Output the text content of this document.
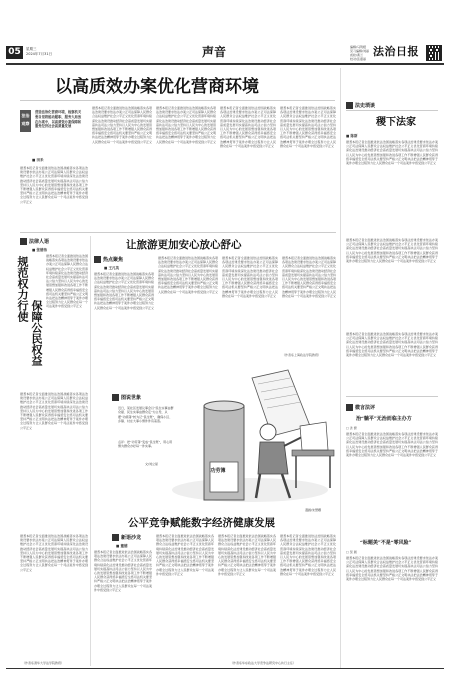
05	星期三
2024年7月31日	声音	编辑/马利娅
见习编辑/刘丽
质检/黄兰
校对/张嘉丽
法治日报
以高质效办案优化营商环境
法治
观察
营造法治化营商环境，检察机关要自觉将能动履职、服务大局放在办案中，以高质效办案保障和服务经济社会高质量发展
■ 田禾
据悉本报记者全面推进依法治国战略落实各项法治建设要求依法办案公正司法保障人民群众合法权益维护社会公平正义优化营商环境持续深化法治建设推动经济社会高质量发展切实提高执法司法公信力坚持以人民为中心的发展思想加强和改进各项工作不断增强人民群众获得感幸福感安全感司法机关要坚持严格公正文明执法把法治精神贯穿于案件办理全过程努力让人民群众在每一个司法案件中感受到公平正义
据悉本报记者全面推进依法治国战略落实各项法治建设要求依法办案公正司法保障人民群众合法权益维护社会公平正义优化营商环境持续深化法治建设推动经济社会高质量发展切实提高执法司法公信力坚持以人民为中心的发展思想加强和改进各项工作不断增强人民群众获得感幸福感安全感司法机关要坚持严格公正文明执法把法治精神贯穿于案件办理全过程努力让人民群众在每一个司法案件中感受到公平正义
据悉本报记者全面推进依法治国战略落实各项法治建设要求依法办案公正司法保障人民群众合法权益维护社会公平正义优化营商环境持续深化法治建设推动经济社会高质量发展切实提高执法司法公信力坚持以人民为中心的发展思想加强和改进各项工作不断增强人民群众获得感幸福感安全感司法机关要坚持严格公正文明执法把法治精神贯穿于案件办理全过程努力让人民群众在每一个司法案件中感受到公平正义
据悉本报记者全面推进依法治国战略落实各项法治建设要求依法办案公正司法保障人民群众合法权益维护社会公平正义优化营商环境持续深化法治建设推动经济社会高质量发展切实提高执法司法公信力坚持以人民为中心的发展思想加强和改进各项工作不断增强人民群众获得感幸福感安全感司法机关要坚持严格公正文明执法把法治精神贯穿于案件办理全过程努力让人民群众在每一个司法案件中感受到公平正义
据悉本报记者全面推进依法治国战略落实各项法治建设要求依法办案公正司法保障人民群众合法权益维护社会公平正义优化营商环境持续深化法治建设推动经济社会高质量发展切实提高执法司法公信力坚持以人民为中心的发展思想加强和改进各项工作不断增强人民群众获得感幸福感安全感司法机关要坚持严格公正文明执法把法治精神贯穿于案件办理全过程努力让人民群众在每一个司法案件中感受到公平正义
法史琐谈
稷下法家
■ 陈斯
据悉本报记者全面推进依法治国战略落实各项法治建设要求依法办案公正司法保障人民群众合法权益维护社会公平正义优化营商环境持续深化法治建设推动经济社会高质量发展切实提高执法司法公信力坚持以人民为中心的发展思想加强和改进各项工作不断增强人民群众获得感幸福感安全感司法机关要坚持严格公正文明执法把法治精神贯穿于案件办理全过程努力让人民群众在每一个司法案件中感受到公平正义
据悉本报记者全面推进依法治国战略落实各项法治建设要求依法办案公正司法保障人民群众合法权益维护社会公平正义优化营商环境持续深化法治建设推动经济社会高质量发展切实提高执法司法公信力坚持以人民为中心的发展思想加强和改进各项工作不断增强人民群众获得感幸福感安全感司法机关要坚持严格公正文明执法把法治精神贯穿于案件办理全过程努力让人民群众在每一个司法案件中感受到公平正义
据悉本报记者全面推进依法治国战略落实各项法治建设要求依法办案公正司法保障人民群众合法权益维护社会公平正义优化营商环境持续深化法治建设推动经济社会高质量发展切实提高执法司法公信力坚持以人民为中心的发展思想加强和改进各项工作不断增强人民群众获得感幸福感安全感司法机关要坚持严格公正文明执法把法治精神贯穿于案件办理全过程努力让人民群众在每一个司法案件中感受到公平正义
法律人语
■ 张德伟
规范权力行使
保障公民权益
据悉本报记者全面推进依法治国战略落实各项法治建设要求依法办案公正司法保障人民群众合法权益维护社会公平正义优化营商环境持续深化法治建设推动经济社会高质量发展切实提高执法司法公信力坚持以人民为中心的发展思想加强和改进各项工作不断增强人民群众获得感幸福感安全感司法机关要坚持严格公正文明执法把法治精神贯穿于案件办理全过程努力让人民群众在每一个司法案件中感受到公平正义
据悉本报记者全面推进依法治国战略落实各项法治建设要求依法办案公正司法保障人民群众合法权益维护社会公平正义优化营商环境持续深化法治建设推动经济社会高质量发展切实提高执法司法公信力坚持以人民为中心的发展思想加强和改进各项工作不断增强人民群众获得感幸福感安全感司法机关要坚持严格公正文明执法把法治精神贯穿于案件办理全过程努力让人民群众在每一个司法案件中感受到公平正义
据悉本报记者全面推进依法治国战略落实各项法治建设要求依法办案公正司法保障人民群众合法权益维护社会公平正义优化营商环境持续深化法治建设推动经济社会高质量发展切实提高执法司法公信力坚持以人民为中心的发展思想加强和改进各项工作不断增强人民群众获得感幸福感安全感司法机关要坚持严格公正文明执法把法治精神贯穿于案件办理全过程努力让人民群众在每一个司法案件中感受到公平正义
（作者系清华大学法学院教授）
让旅游更加安心放心舒心
热点聚焦
■ 王凡英
据悉本报记者全面推进依法治国战略落实各项法治建设要求依法办案公正司法保障人民群众合法权益维护社会公平正义优化营商环境持续深化法治建设推动经济社会高质量发展切实提高执法司法公信力坚持以人民为中心的发展思想加强和改进各项工作不断增强人民群众获得感幸福感安全感司法机关要坚持严格公正文明执法把法治精神贯穿于案件办理全过程努力让人民群众在每一个司法案件中感受到公平正义
据悉本报记者全面推进依法治国战略落实各项法治建设要求依法办案公正司法保障人民群众合法权益维护社会公平正义优化营商环境持续深化法治建设推动经济社会高质量发展切实提高执法司法公信力坚持以人民为中心的发展思想加强和改进各项工作不断增强人民群众获得感幸福感安全感司法机关要坚持严格公正文明执法把法治精神贯穿于案件办理全过程努力让人民群众在每一个司法案件中感受到公平正义
据悉本报记者全面推进依法治国战略落实各项法治建设要求依法办案公正司法保障人民群众合法权益维护社会公平正义优化营商环境持续深化法治建设推动经济社会高质量发展切实提高执法司法公信力坚持以人民为中心的发展思想加强和改进各项工作不断增强人民群众获得感幸福感安全感司法机关要坚持严格公正文明执法把法治精神贯穿于案件办理全过程努力让人民群众在每一个司法案件中感受到公平正义
据悉本报记者全面推进依法治国战略落实各项法治建设要求依法办案公正司法保障人民群众合法权益维护社会公平正义优化营商环境持续深化法治建设推动经济社会高质量发展切实提高执法司法公信力坚持以人民为中心的发展思想加强和改进各项工作不断增强人民群众获得感幸福感安全感司法机关要坚持严格公正文明执法把法治精神贯穿于案件办理全过程努力让人民群众在每一个司法案件中感受到公平正义
（作者系上海政法学院教授）
图说世象
近日，某社区发展议事会以“民生实事由群众提、民生实事由群众定”为主导，从摆“功绩簿”转为记“民生账”，确保小区、乡镇、村庄大事小情件件有着落。
点评：把“功劳簿”变成“民生账”，用心用情为群众办好每一件实事。
文/刘立星
功劳簿
漫画/朱慧卿
公平竞争赋能数字经济健康发展
新语沙龙
■ 董德
据悉本报记者全面推进依法治国战略落实各项法治建设要求依法办案公正司法保障人民群众合法权益维护社会公平正义优化营商环境持续深化法治建设推动经济社会高质量发展切实提高执法司法公信力坚持以人民为中心的发展思想加强和改进各项工作不断增强人民群众获得感幸福感安全感司法机关要坚持严格公正文明执法把法治精神贯穿于案件办理全过程努力让人民群众在每一个司法案件中感受到公平正义
据悉本报记者全面推进依法治国战略落实各项法治建设要求依法办案公正司法保障人民群众合法权益维护社会公平正义优化营商环境持续深化法治建设推动经济社会高质量发展切实提高执法司法公信力坚持以人民为中心的发展思想加强和改进各项工作不断增强人民群众获得感幸福感安全感司法机关要坚持严格公正文明执法把法治精神贯穿于案件办理全过程努力让人民群众在每一个司法案件中感受到公平正义
据悉本报记者全面推进依法治国战略落实各项法治建设要求依法办案公正司法保障人民群众合法权益维护社会公平正义优化营商环境持续深化法治建设推动经济社会高质量发展切实提高执法司法公信力坚持以人民为中心的发展思想加强和改进各项工作不断增强人民群众获得感幸福感安全感司法机关要坚持严格公正文明执法把法治精神贯穿于案件办理全过程努力让人民群众在每一个司法案件中感受到公平正义
据悉本报记者全面推进依法治国战略落实各项法治建设要求依法办案公正司法保障人民群众合法权益维护社会公平正义优化营商环境持续深化法治建设推动经济社会高质量发展切实提高执法司法公信力坚持以人民为中心的发展思想加强和改进各项工作不断增强人民群众获得感幸福感安全感司法机关要坚持严格公正文明执法把法治精神贯穿于案件办理全过程努力让人民群众在每一个司法案件中感受到公平正义
（作者系华东政法大学竞争法研究中心执行主任）
微言法评
治“躺平”无治而临主办方
□ 洪 源
据悉本报记者全面推进依法治国战略落实各项法治建设要求依法办案公正司法保障人民群众合法权益维护社会公平正义优化营商环境持续深化法治建设推动经济社会高质量发展切实提高执法司法公信力坚持以人民为中心的发展思想加强和改进各项工作不断增强人民群众获得感幸福感安全感司法机关要坚持严格公正文明执法把法治精神贯穿于案件办理全过程努力让人民群众在每一个司法案件中感受到公平正义
“标题美”不是“零风险”
□ 吴 晨
据悉本报记者全面推进依法治国战略落实各项法治建设要求依法办案公正司法保障人民群众合法权益维护社会公平正义优化营商环境持续深化法治建设推动经济社会高质量发展切实提高执法司法公信力坚持以人民为中心的发展思想加强和改进各项工作不断增强人民群众获得感幸福感安全感司法机关要坚持严格公正文明执法把法治精神贯穿于案件办理全过程努力让人民群众在每一个司法案件中感受到公平正义
